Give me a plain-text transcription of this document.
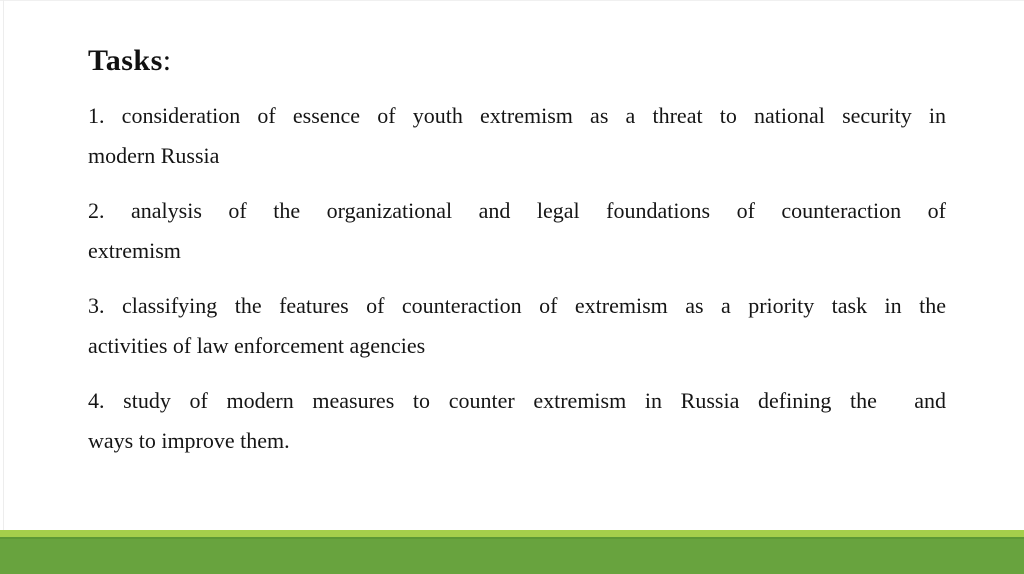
Tasks:
1. consideration of essence of youth extremism as a threat to national security in
modern Russia
2. analysis of the organizational and legal foundations of counteraction of
extremism
3. classifying the features of counteraction of extremism as a priority task in the
activities of law enforcement agencies
4. study of modern measures to counter extremism in Russia defining the  and
ways to improve them.
